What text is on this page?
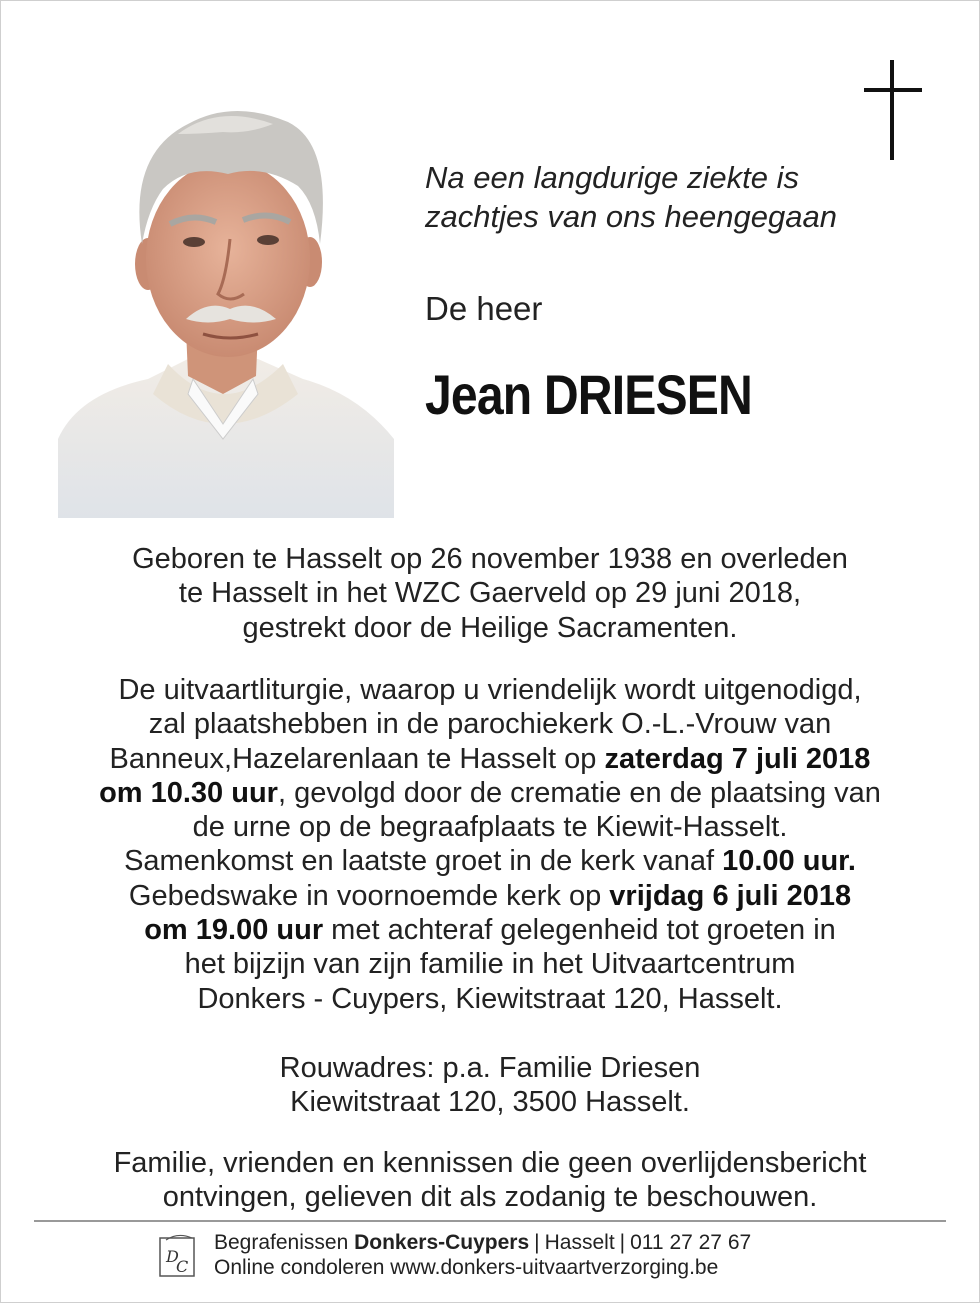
Na een langdurige ziekte is
zachtjes van ons heengegaan
De heer
Jean DRIESEN
Geboren te Hasselt op 26 november 1938 en overleden
te Hasselt in het WZC Gaerveld op 29 juni 2018,
gestrekt door de Heilige Sacramenten.
De uitvaartliturgie, waarop u vriendelijk wordt uitgenodigd,
zal plaatshebben in de parochiekerk O.-L.-Vrouw van
Banneux,Hazelarenlaan te Hasselt op zaterdag 7 juli 2018
om 10.30 uur, gevolgd door de crematie en de plaatsing van
de urne op de begraafplaats te Kiewit-Hasselt.
Samenkomst en laatste groet in de kerk vanaf 10.00 uur.
Gebedswake in voornoemde kerk op vrijdag 6 juli 2018
om 19.00 uur met achteraf gelegenheid tot groeten in
het bijzijn van zijn familie in het Uitvaartcentrum
Donkers - Cuypers, Kiewitstraat 120, Hasselt.
Rouwadres: p.a. Familie Driesen
Kiewitstraat 120, 3500 Hasselt.
Familie, vrienden en kennissen die geen overlijdensbericht
ontvingen, gelieven dit als zodanig te beschouwen.
D
C
Begrafenissen Donkers-Cuypers | Hasselt | 011 27 27 67
Online condoleren www.donkers-uitvaartverzorging.be
